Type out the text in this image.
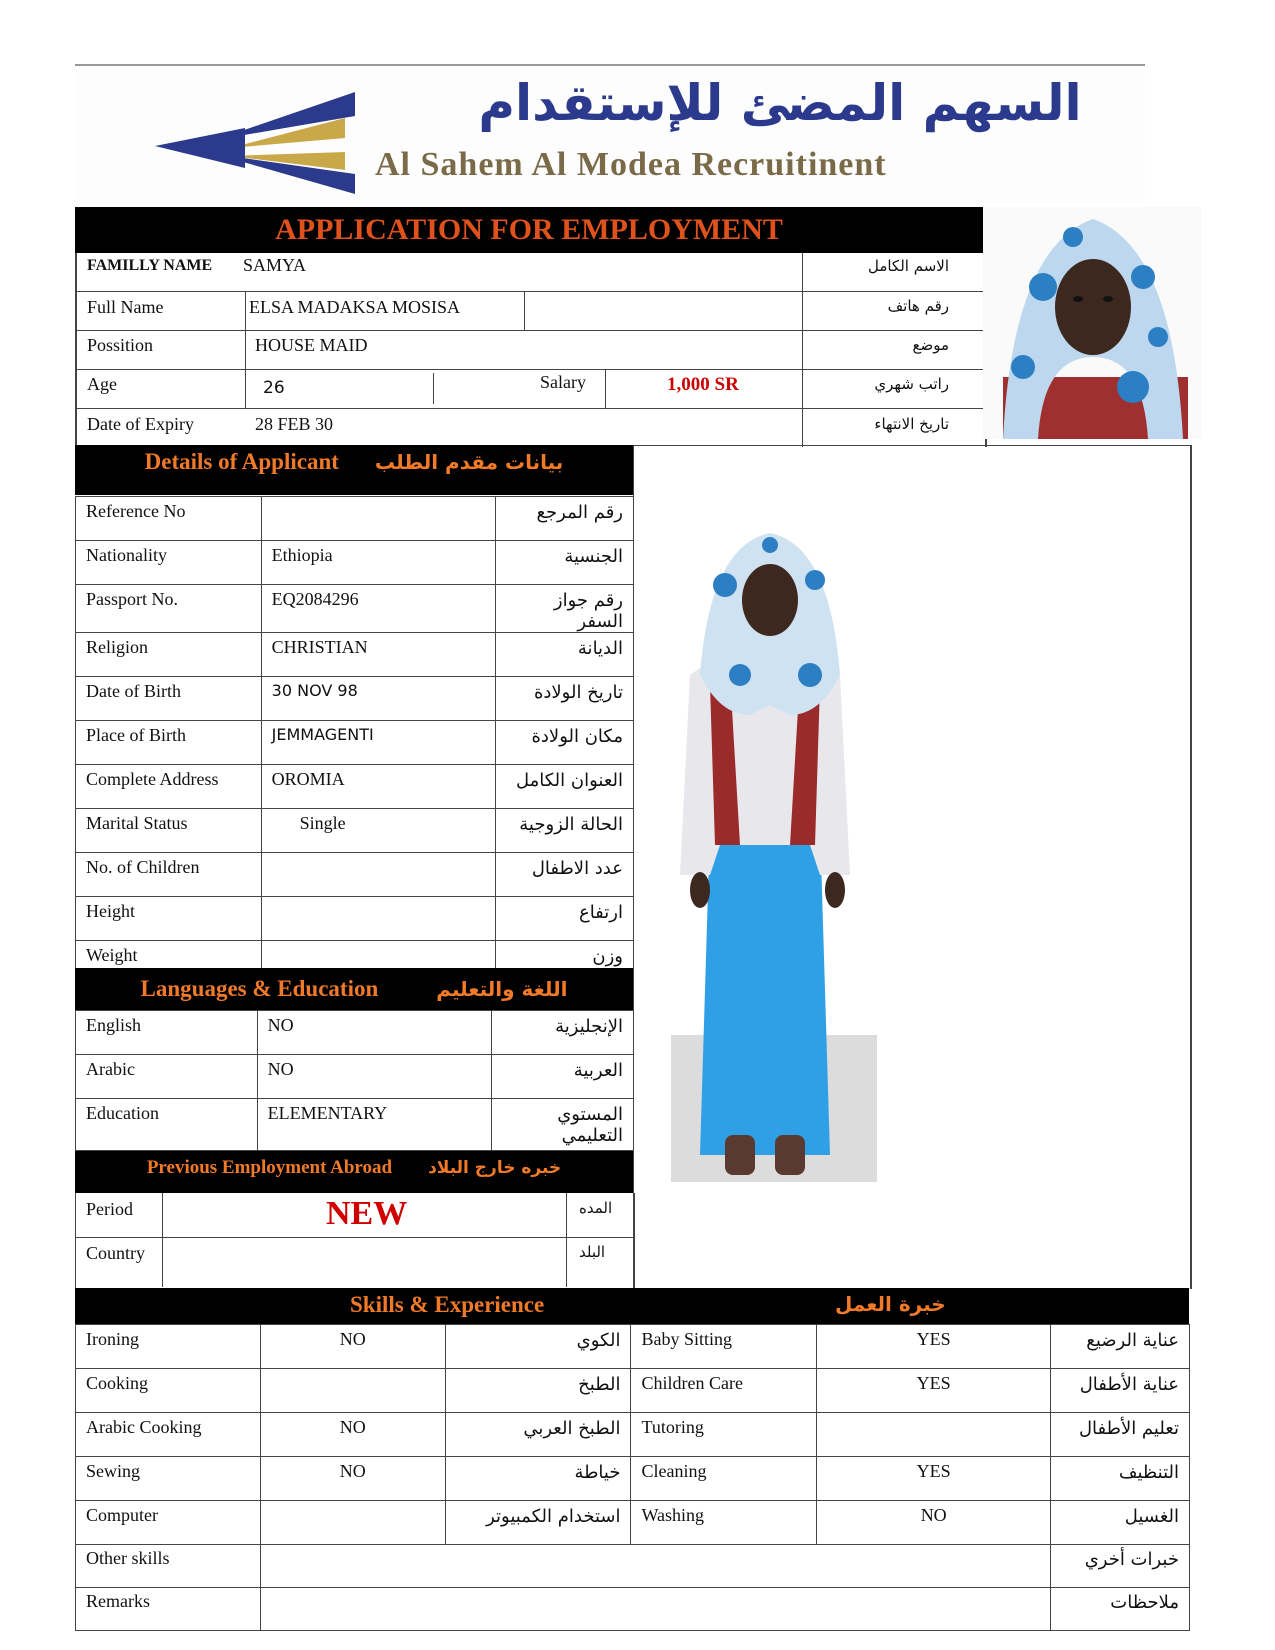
السهم المضئ للإستقدام
Al Sahem Al Modea Recruitinent
APPLICATION FOR EMPLOYMENT
FAMILLY NAME SAMYA	الاسم الكامل
Full Name	ELSA MADAKSA MOSISA	رقم هاتف
Possition	HOUSE MAID	موضع
Age	26	Salary	1,000 SR	راتب شهري
Date of Expiry	28 FEB 30	تاريخ الانتهاء
Details of Applicant بيانات مقدم الطلب
Reference No		رقم المرجع
Nationality	Ethiopia	الجنسية
Passport No.	EQ2084296	رقم جواز السفر
Religion	CHRISTIAN	الديانة
Date of Birth	30 NOV 98	تاريخ الولادة
Place of Birth	JEMMAGENTI	مكان الولادة
Complete Address	OROMIA	العنوان الكامل
Marital Status	Single	الحالة الزوجية
No. of Children		عدد الاطفال
Height		ارتفاع
Weight		وزن
Languages & Education	اللغة والتعليم
English	NO	الإنجليزية
Arabic	NO	العربية
Education	ELEMENTARY	المستوي التعليمي
Previous Employment Abroad خبره خارج البلاد
Period	NEW	المده
Country	البلد
Skills & Experience	خبرة العمل
Ironing	NO	الكوي	Baby Sitting	YES	عناية الرضيع
Cooking		الطبخ	Children Care	YES	عناية الأطفال
Arabic Cooking	NO	الطبخ العربي	Tutoring		تعليم الأطفال
Sewing	NO	خياطة	Cleaning	YES	التنظيف
Computer		استخدام الكمبيوتر	Washing	NO	الغسيل
Other skills					خبرات أخري
Remarks					ملاحظات
